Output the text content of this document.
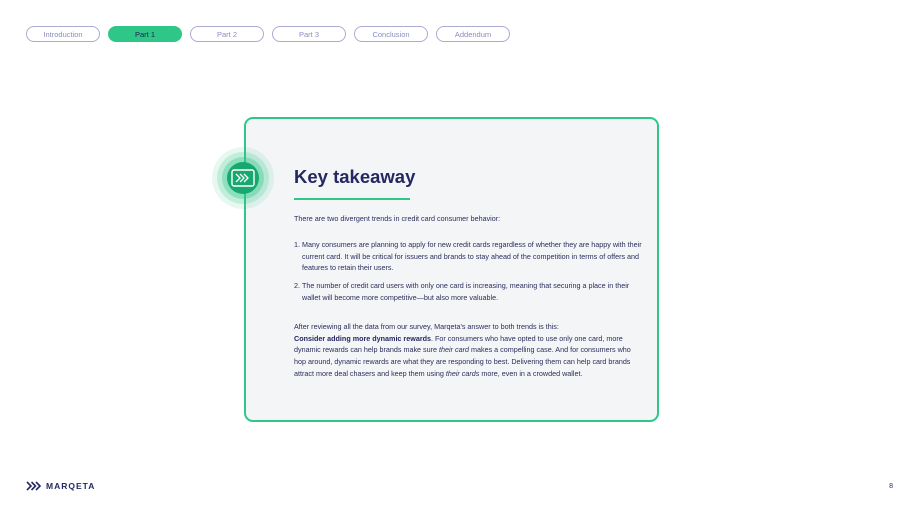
Introduction	Part 1	Part 2	Part 3	Conclusion	Addendum
Key takeaway
There are two divergent trends in credit card consumer behavior:
1. Many consumers are planning to apply for new credit cards regardless of whether they are happy with their current card. It will be critical for issuers and brands to stay ahead of the competition in terms of offers and features to retain their users.
2. The number of credit card users with only one card is increasing, meaning that securing a place in their wallet will become more competitive—but also more valuable.
After reviewing all the data from our survey, Marqeta's answer to both trends is this:
Consider adding more dynamic rewards. For consumers who have opted to use only one card, more dynamic rewards can help brands make sure their card makes a compelling case. And for consumers who hop around, dynamic rewards are what they are responding to best. Delivering them can help card brands attract more deal chasers and keep them using their cards more, even in a crowded wallet.
MARQETA	8
